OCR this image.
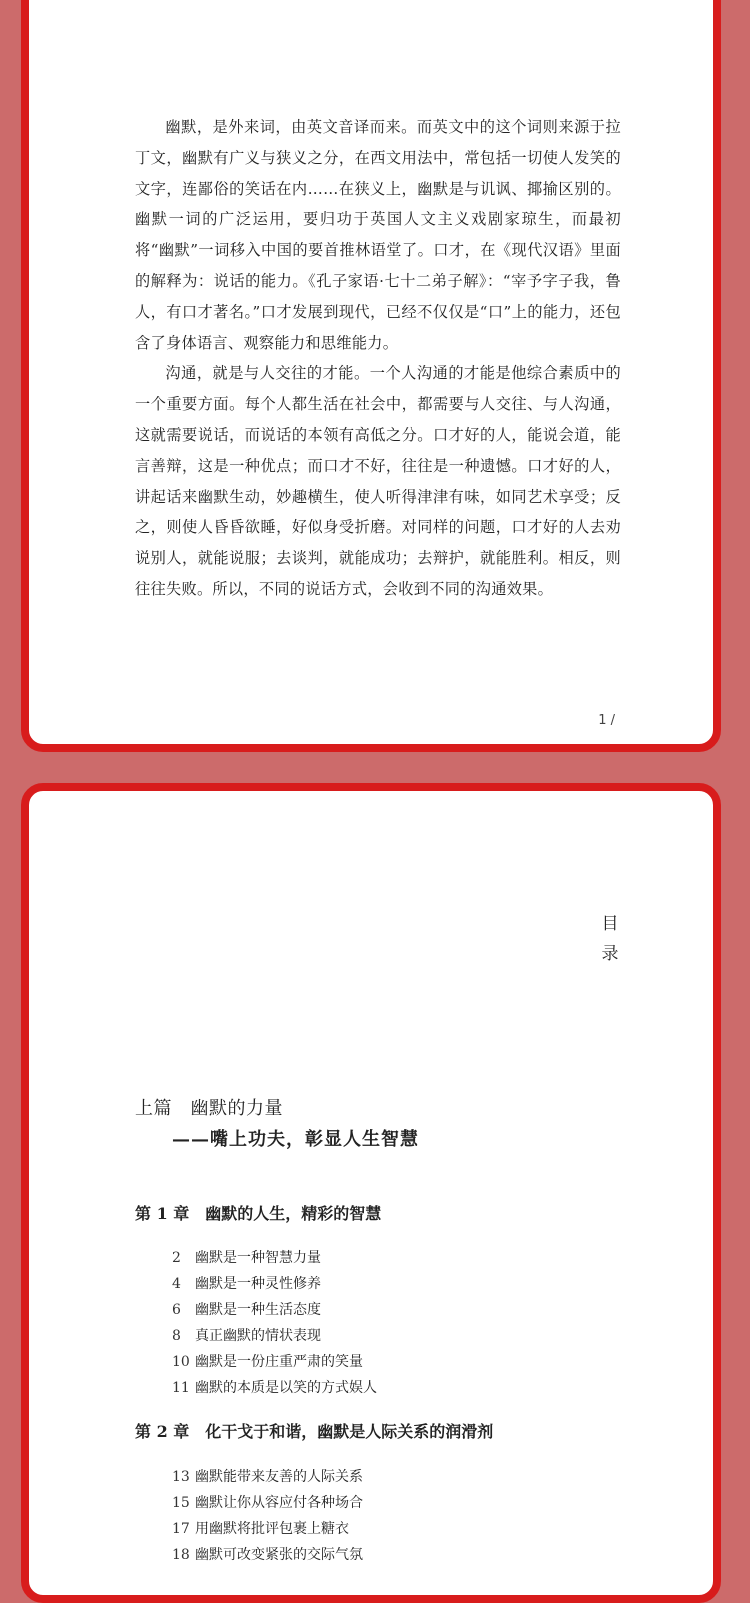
幽默，是外来词，由英文音译而来。而英文中的这个词则来源于拉丁文，幽默有广义与狭义之分，在西文用法中，常包括一切使人发笑的文字，连鄙俗的笑话在内……在狭义上，幽默是与讥讽、揶揄区别的。幽默一词的广泛运用，要归功于英国人文主义戏剧家琼生，而最初将“幽默”一词移入中国的要首推林语堂了。口才，在《现代汉语》里面的解释为：说话的能力。《孔子家语·七十二弟子解》：“宰予字子我，鲁人，有口才著名。”口才发展到现代，已经不仅仅是“口”上的能力，还包含了身体语言、观察能力和思维能力。

沟通，就是与人交往的才能。一个人沟通的才能是他综合素质中的一个重要方面。每个人都生活在社会中，都需要与人交往、与人沟通，这就需要说话，而说话的本领有高低之分。口才好的人，能说会道，能言善辩，这是一种优点；而口才不好，往往是一种遗憾。口才好的人，讲起话来幽默生动，妙趣横生，使人听得津津有味，如同艺术享受；反之，则使人昏昏欲睡，好似身受折磨。对同样的问题，口才好的人去劝说别人，就能说服；去谈判，就能成功；去辩护，就能胜利。相反，则往往失败。所以，不同的说话方式，会收到不同的沟通效果。

1 /
目录
上篇　幽默的力量
——嘴上功夫，彰显人生智慧
第 1 章　幽默的人生，精彩的智慧
2 幽默是一种智慧力量
4 幽默是一种灵性修养
6 幽默是一种生活态度
8 真正幽默的情状表现
10 幽默是一份庄重严肃的笑量
11 幽默的本质是以笑的方式娱人
第 2 章　化干戈于和谐，幽默是人际关系的润滑剂
13 幽默能带来友善的人际关系
15 幽默让你从容应付各种场合
17 用幽默将批评包裹上糖衣
18 幽默可改变紧张的交际气氛
